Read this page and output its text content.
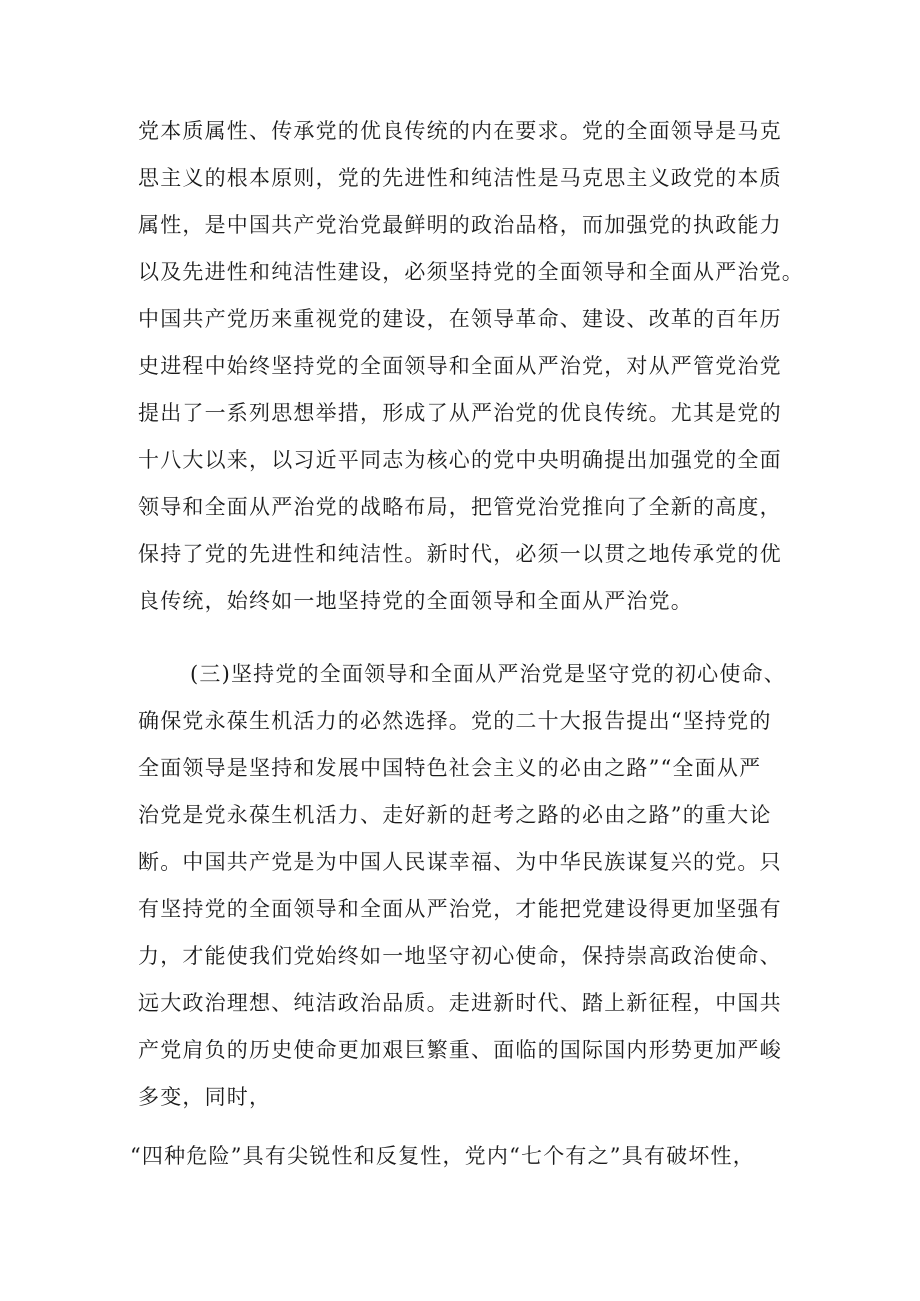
党本质属性、传承党的优良传统的内在要求。党的全面领导是马克

思主义的根本原则，党的先进性和纯洁性是马克思主义政党的本质

属性，是中国共产党治党最鲜明的政治品格，而加强党的执政能力

以及先进性和纯洁性建设，必须坚持党的全面领导和全面从严治党。

中国共产党历来重视党的建设，在领导革命、建设、改革的百年历

史进程中始终坚持党的全面领导和全面从严治党，对从严管党治党

提出了一系列思想举措，形成了从严治党的优良传统。尤其是党的

十八大以来，以习近平同志为核心的党中央明确提出加强党的全面

领导和全面从严治党的战略布局，把管党治党推向了全新的高度，

保持了党的先进性和纯洁性。新时代，必须一以贯之地传承党的优

良传统，始终如一地坚持党的全面领导和全面从严治党。

(三)坚持党的全面领导和全面从严治党是坚守党的初心使命、

确保党永葆生机活力的必然选择。党的二十大报告提出“坚持党的

全面领导是坚持和发展中国特色社会主义的必由之路”“全面从严

治党是党永葆生机活力、走好新的赶考之路的必由之路”的重大论

断。中国共产党是为中国人民谋幸福、为中华民族谋复兴的党。只

有坚持党的全面领导和全面从严治党，才能把党建设得更加坚强有

力，才能使我们党始终如一地坚守初心使命，保持崇高政治使命、

远大政治理想、纯洁政治品质。走进新时代、踏上新征程，中国共

产党肩负的历史使命更加艰巨繁重、面临的国际国内形势更加严峻

多变，同时，

“四种危险”具有尖锐性和反复性，党内“七个有之”具有破坏性，
